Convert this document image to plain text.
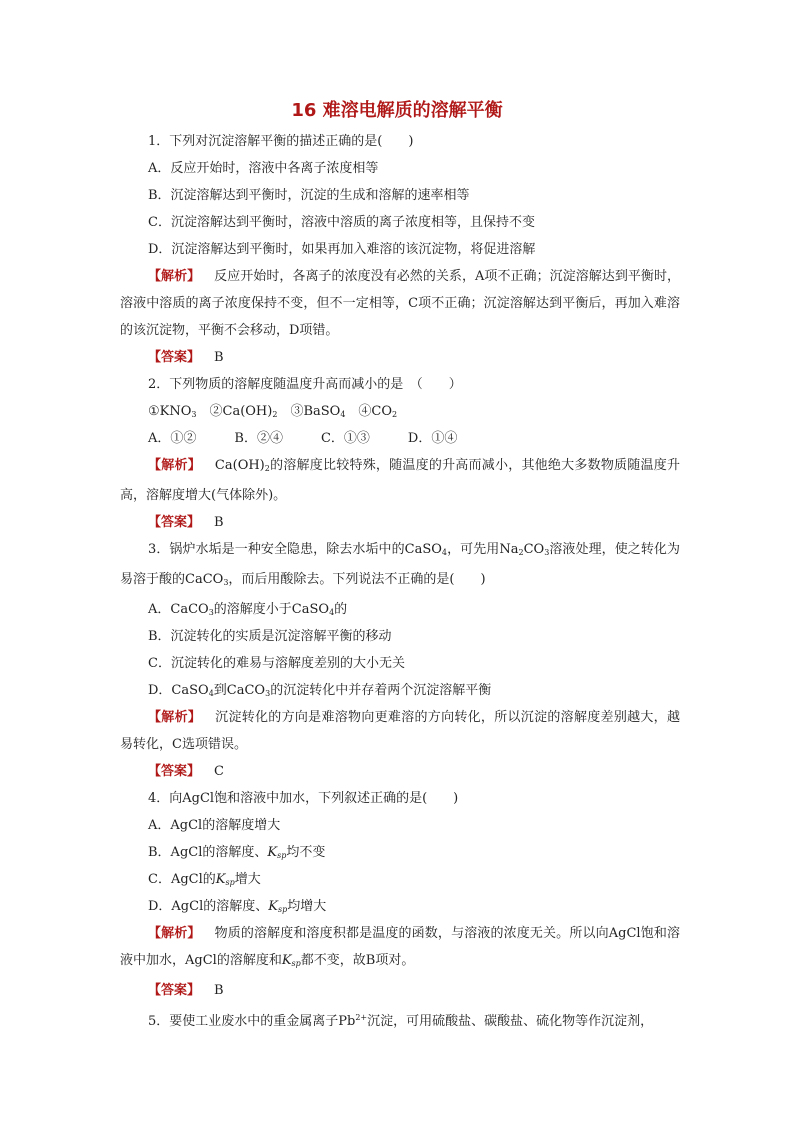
16 难溶电解质的溶解平衡
1．下列对沉淀溶解平衡的描述正确的是(　　)
A．反应开始时，溶液中各离子浓度相等
B．沉淀溶解达到平衡时，沉淀的生成和溶解的速率相等
C．沉淀溶解达到平衡时，溶液中溶质的离子浓度相等，且保持不变
D．沉淀溶解达到平衡时，如果再加入难溶的该沉淀物，将促进溶解
【解析】 反应开始时，各离子的浓度没有必然的关系，A项不正确；沉淀溶解达到平衡时，溶液中溶质的离子浓度保持不变，但不一定相等，C项不正确；沉淀溶解达到平衡后，再加入难溶的该沉淀物，平衡不会移动，D项错。
【答案】 B
2．下列物质的溶解度随温度升高而减小的是　（　　）
$①KNO_3$　$②Ca(OH)_2$　③BaSO$_4$　$④CO_2$
A．①②	B．②④	C．①③	D．①④
【解析】 $Ca(OH)_2$的溶解度比较特殊，随温度的升高而减小，其他绝大多数物质随温度升高，溶解度增大(气体除外)。
【答案】 B
3．锅炉水垢是一种安全隐患，除去水垢中的CaSO$_4$，可先用$Na_2CO_3$溶液处理，使之转化为易溶于酸的CaCO$_3$，而后用酸除去。下列说法不正确的是(　　)
A．CaCO$_3$的溶解度小于CaSO$_4$的
B．沉淀转化的实质是沉淀溶解平衡的移动
C．沉淀转化的难易与溶解度差别的大小无关
D．CaSO$_4$到CaCO$_3$的沉淀转化中并存着两个沉淀溶解平衡
【解析】 沉淀转化的方向是难溶物向更难溶的方向转化，所以沉淀的溶解度差别越大，越易转化，C选项错误。
【答案】 C
4．向AgCl饱和溶液中加水，下列叙述正确的是(　　)
A．AgCl的溶解度增大
B．AgCl的溶解度、$K_{sp}$均不变
C．AgCl的$K_{sp}$增大
D．AgCl的溶解度、$K_{sp}$均增大
【解析】 物质的溶解度和溶度积都是温度的函数，与溶液的浓度无关。所以向AgCl饱和溶液中加水，AgCl的溶解度和$K_{sp}$都不变，故B项对。
【答案】 B
5．要使工业废水中的重金属离子$Pb^{2+}$沉淀，可用硫酸盐、碳酸盐、硫化物等作沉淀剂，
